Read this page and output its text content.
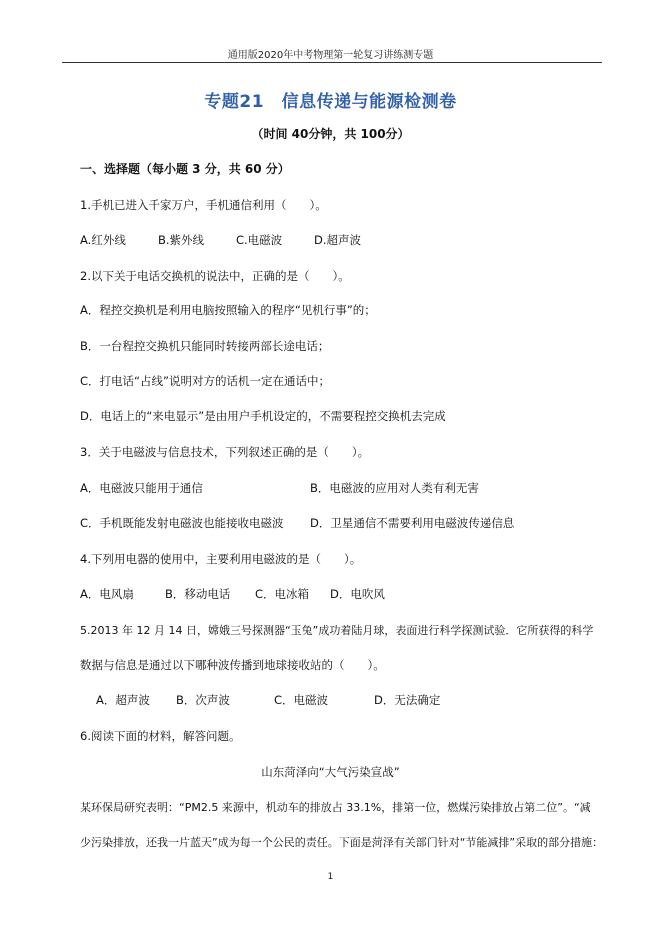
通用版2020年中考物理第一轮复习讲练测专题
专题21　信息传递与能源检测卷
（时间 40分钟，共 100分）
一、选择题（每小题 3 分，共 60 分）
1.手机已进入千家万户，手机通信利用（　　）。
A.红外线	B.紫外线	C.电磁波	D.超声波
2.以下关于电话交换机的说法中，正确的是（　　）。
A．程控交换机是利用电脑按照输入的程序“见机行事”的；
B．一台程控交换机只能同时转接两部长途电话；
C．打电话“占线”说明对方的话机一定在通话中；
D．电话上的“来电显示”是由用户手机设定的，不需要程控交换机去完成
3．关于电磁波与信息技术，下列叙述正确的是（　　）。
A．电磁波只能用于通信	B．电磁波的应用对人类有利无害
C．手机既能发射电磁波也能接收电磁波 D．卫星通信不需要利用电磁波传递信息
4.下列用电器的使用中，主要利用电磁波的是（　　）。
A．电风扇	B．移动电话 C．电冰箱 D．电吹风
5.2013 年 12 月 14 日，嫦娥三号探测器“玉兔”成功着陆月球，表面进行科学探测试验．它所获得的科学
数据与信息是通过以下哪种波传播到地球接收站的（　　）。
A．超声波 B．次声波	C．电磁波	D．无法确定
6.阅读下面的材料，解答问题。
山东菏泽向“大气污染宣战”
某环保局研究表明：“PM2.5 来源中，机动车的排放占 33.1%，排第一位，燃煤污染排放占第二位”。“减
少污染排放，还我一片蓝天”成为每一个公民的责任。下面是菏泽有关部门针对“节能减排”采取的部分措施：
1
